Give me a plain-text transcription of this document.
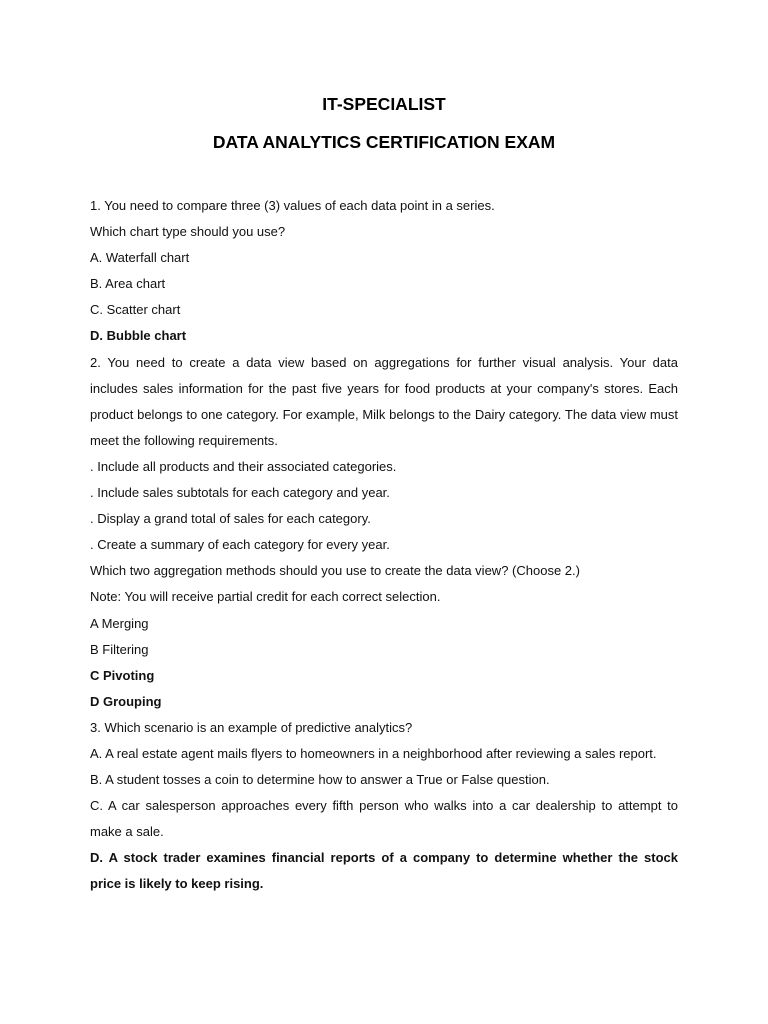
IT-SPECIALIST
DATA ANALYTICS CERTIFICATION EXAM

1. You need to compare three (3) values of each data point in a series.

Which chart type should you use?

A. Waterfall chart

B. Area chart

C. Scatter chart

D. Bubble chart

2. You need to create a data view based on aggregations for further visual analysis. Your data includes sales information for the past five years for food products at your company's stores. Each product belongs to one category. For example, Milk belongs to the Dairy category. The data view must meet the following requirements.

. Include all products and their associated categories.

. Include sales subtotals for each category and year.

. Display a grand total of sales for each category.

. Create a summary of each category for every year.

Which two aggregation methods should you use to create the data view? (Choose 2.)

Note: You will receive partial credit for each correct selection.

A Merging

B Filtering

C Pivoting

D Grouping

3. Which scenario is an example of predictive analytics?

A. A real estate agent mails flyers to homeowners in a neighborhood after reviewing a sales report.

B. A student tosses a coin to determine how to answer a True or False question.

C. A car salesperson approaches every fifth person who walks into a car dealership to attempt to make a sale.

D. A stock trader examines financial reports of a company to determine whether the stock price is likely to keep rising.
